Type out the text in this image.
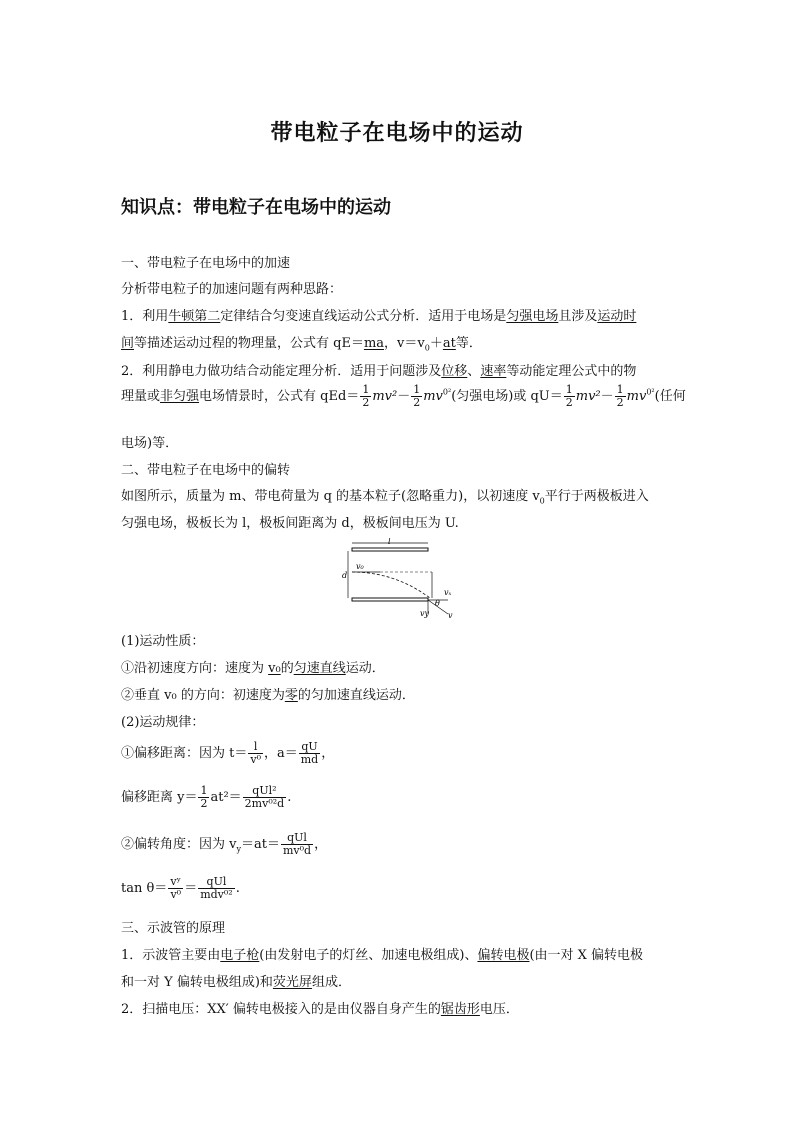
带电粒子在电场中的运动
知识点：带电粒子在电场中的运动
一、带电粒子在电场中的加速
分析带电粒子的加速问题有两种思路：
1．利用牛顿第二定律结合匀变速直线运动公式分析．适用于电场是匀强电场且涉及运动时
间等描述运动过程的物理量，公式有 qE＝ma，$v=v_0+at$等．
2．利用静电力做功结合动能定理分析．适用于问题涉及位移、速率等动能定理公式中的物
理量或非匀强电场情景时，公式有 $qEd= \frac{1}{2} mv^2- \frac{1}{2} mv^{0^2}$(匀强电场)或 $qU= \frac{1}{2} mv^2- \frac{1}{2} mv^{0^2}$(任何
电场)等．
二、带电粒子在电场中的偏转
如图所示，质量为 m、带电荷量为 q 的基本粒子(忽略重力)，以初速度 $v_0$平行于两极板进入
匀强电场，极板长为 l，极板间距离为 d，极板间电压为 U.
l
d
v₀
vₓ
vy v
θ
(1)运动性质：
①沿初速度方向：速度为 v₀的匀速直线运动．
②垂直 v₀ 的方向：初速度为零的匀加速直线运动．
(2)运动规律：
①偏移距离：因为 $t= \frac{l}{\text{v⁰}}$ ，$a= \frac{qU}{md}$ ，
偏移距离 $y= \frac{1}{2} at^2= \frac{\text{qUl²}}{\text{2mv⁰²d}}$ .
②偏转角度：因为 $v_y=at= \frac{\text{qUl}}{\text{mv⁰d}}$ ，
$\tan \theta= \frac{\text{vʸ}}{\text{v⁰}} = \frac{\text{qUl}}{\text{mdv⁰²}}$ .
三、示波管的原理
1．示波管主要由电子枪(由发射电子的灯丝、加速电极组成)、偏转电极(由一对 X 偏转电极
和一对 Y 偏转电极组成)和荧光屏组成．
2．扫描电压：XX′ 偏转电极接入的是由仪器自身产生的锯齿形电压．
